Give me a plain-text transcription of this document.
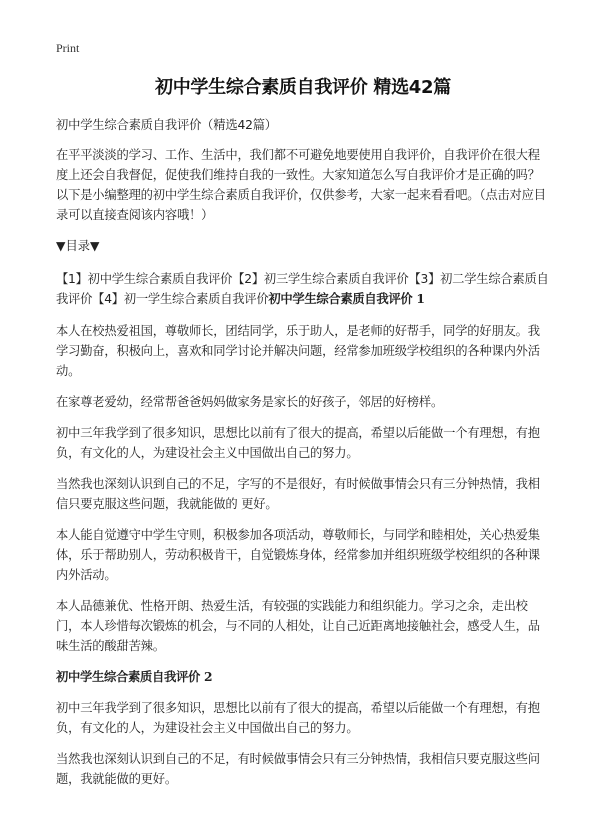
Print
初中学生综合素质自我评价 精选42篇
初中学生综合素质自我评价（精选42篇）
在平平淡淡的学习、工作、生活中，我们都不可避免地要使用自我评价，自我评价在很大程度上还会自我督促，促使我们维持自我的一致性。大家知道怎么写自我评价才是正确的吗？以下是小编整理的初中学生综合素质自我评价，仅供参考，大家一起来看看吧。（点击对应目录可以直接查阅该内容哦！）
▼目录▼
【1】初中学生综合素质自我评价【2】初三学生综合素质自我评价【3】初二学生综合素质自我评价【4】初一学生综合素质自我评价初中学生综合素质自我评价 1
本人在校热爱祖国，尊敬师长，团结同学，乐于助人，是老师的好帮手，同学的好朋友。我学习勤奋，积极向上，喜欢和同学讨论并解决问题，经常参加班级学校组织的各种课内外活动。
在家尊老爱幼，经常帮爸爸妈妈做家务是家长的好孩子，邻居的好榜样。
初中三年我学到了很多知识，思想比以前有了很大的提高，希望以后能做一个有理想，有抱负，有文化的人，为建设社会主义中国做出自己的努力。
当然我也深刻认识到自己的不足，字写的不是很好，有时候做事情会只有三分钟热情，我相信只要克服这些问题，我就能做的 更好。
本人能自觉遵守中学生守则，积极参加各项活动，尊敬师长，与同学和睦相处，关心热爱集体，乐于帮助别人，劳动积极肯干，自觉锻炼身体，经常参加并组织班级学校组织的各种课内外活动。
本人品德兼优、性格开朗、热爱生活，有较强的实践能力和组织能力。学习之余，走出校门，本人珍惜每次锻炼的机会，与不同的人相处，让自己近距离地接触社会，感受人生，品味生活的酸甜苦辣。
初中学生综合素质自我评价 2
初中三年我学到了很多知识，思想比以前有了很大的提高，希望以后能做一个有理想，有抱负，有文化的人，为建设社会主义中国做出自己的努力。
当然我也深刻认识到自己的不足，有时候做事情会只有三分钟热情，我相信只要克服这些问题，我就能做的更好。
